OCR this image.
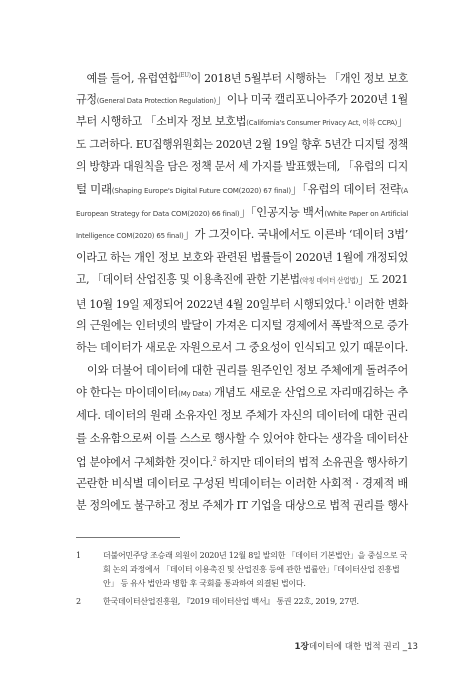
　예를 들어, 유럽연합$^{(EU)}$이 2018년 5월부터 시행하는 「개인 정보 보호
규정(General Data Protection Regulation)」이나 미국 캘리포니아주가 2020년 1월
부터 시행하고 「소비자 정보 보호법(California's Consumer Privacy Act, 이하 CCPA)」
도 그러하다. EU집행위원회는 2020년 2월 19일 향후 5년간 디지털 정책
의 방향과 대원칙을 담은 정책 문서 세 가지를 발표했는데, 「유럽의 디지
털 미래(Shaping Europe's Digital Future COM(2020) 67 final)」「유럽의 데이터 전략(A
European Strategy for Data COM(2020) 66 final)」「인공지능 백서(White Paper on Artificial
Intelligence COM(2020) 65 final)」가 그것이다. 국내에서도 이른바 ‘데이터 3법’
이라고 하는 개인 정보 보호와 관련된 법률들이 2020년 1월에 개정되었
고, 「데이터 산업진흥 및 이용촉진에 관한 기본법(약칭 데이터 산업법)」도 2021
년 10월 19일 제정되어 2022년 4월 20일부터 시행되었다.$^1$ 이러한 변화
의 근원에는 인터넷의 발달이 가져온 디지털 경제에서 폭발적으로 증가
하는 데이터가 새로운 자원으로서 그 중요성이 인식되고 있기 때문이다.
　이와 더불어 데이터에 대한 권리를 원주인인 정보 주체에게 돌려주어
야 한다는 마이데이터(My Data) 개념도 새로운 산업으로 자리매김하는 추
세다. 데이터의 원래 소유자인 정보 주체가 자신의 데이터에 대한 권리
를 소유함으로써 이를 스스로 행사할 수 있어야 한다는 생각을 데이터산
업 분야에서 구체화한 것이다.$^2$ 하지만 데이터의 법적 소유권을 행사하기
곤란한 비식별 데이터로 구성된 빅데이터는 이러한 사회적 · 경제적 배
분 정의에도 불구하고 정보 주체가 IT 기업을 대상으로 법적 권리를 행사
1	더불어민주당 조승래 의원이 2020년 12월 8일 발의한 「데이터 기본법안」을 중심으로 국
회 논의 과정에서 「데이터 이용촉진 및 산업진흥 등에 관한 법률안」「데이터산업 진흥법
안」 등 유사 법안과 병합 후 국회를 통과하여 의결된 법이다.
2	한국데이터산업진흥원, 『2019 데이터산업 백서』 통권 22호, 2019, 27면.
1장데이터에 대한 법적 권리 _13
